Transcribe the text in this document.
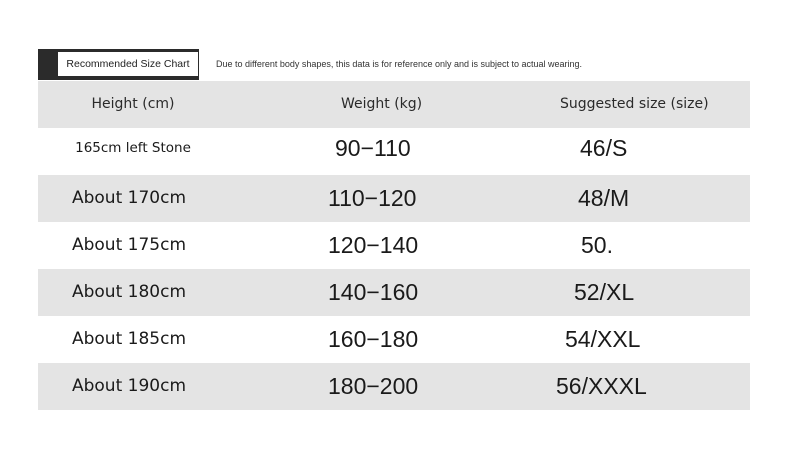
Recommended Size Chart	Due to different body shapes, this data is for reference only and is subject to actual wearing.
Height (cm)	Weight (kg)	Suggested size (size)
165cm left Stone	90−110	46/S
About 170cm	110−120	48/M
About 175cm	120−140	50.
About 180cm	140−160	52/XL
About 185cm	160−180	54/XXL
About 190cm	180−200	56/XXXL
